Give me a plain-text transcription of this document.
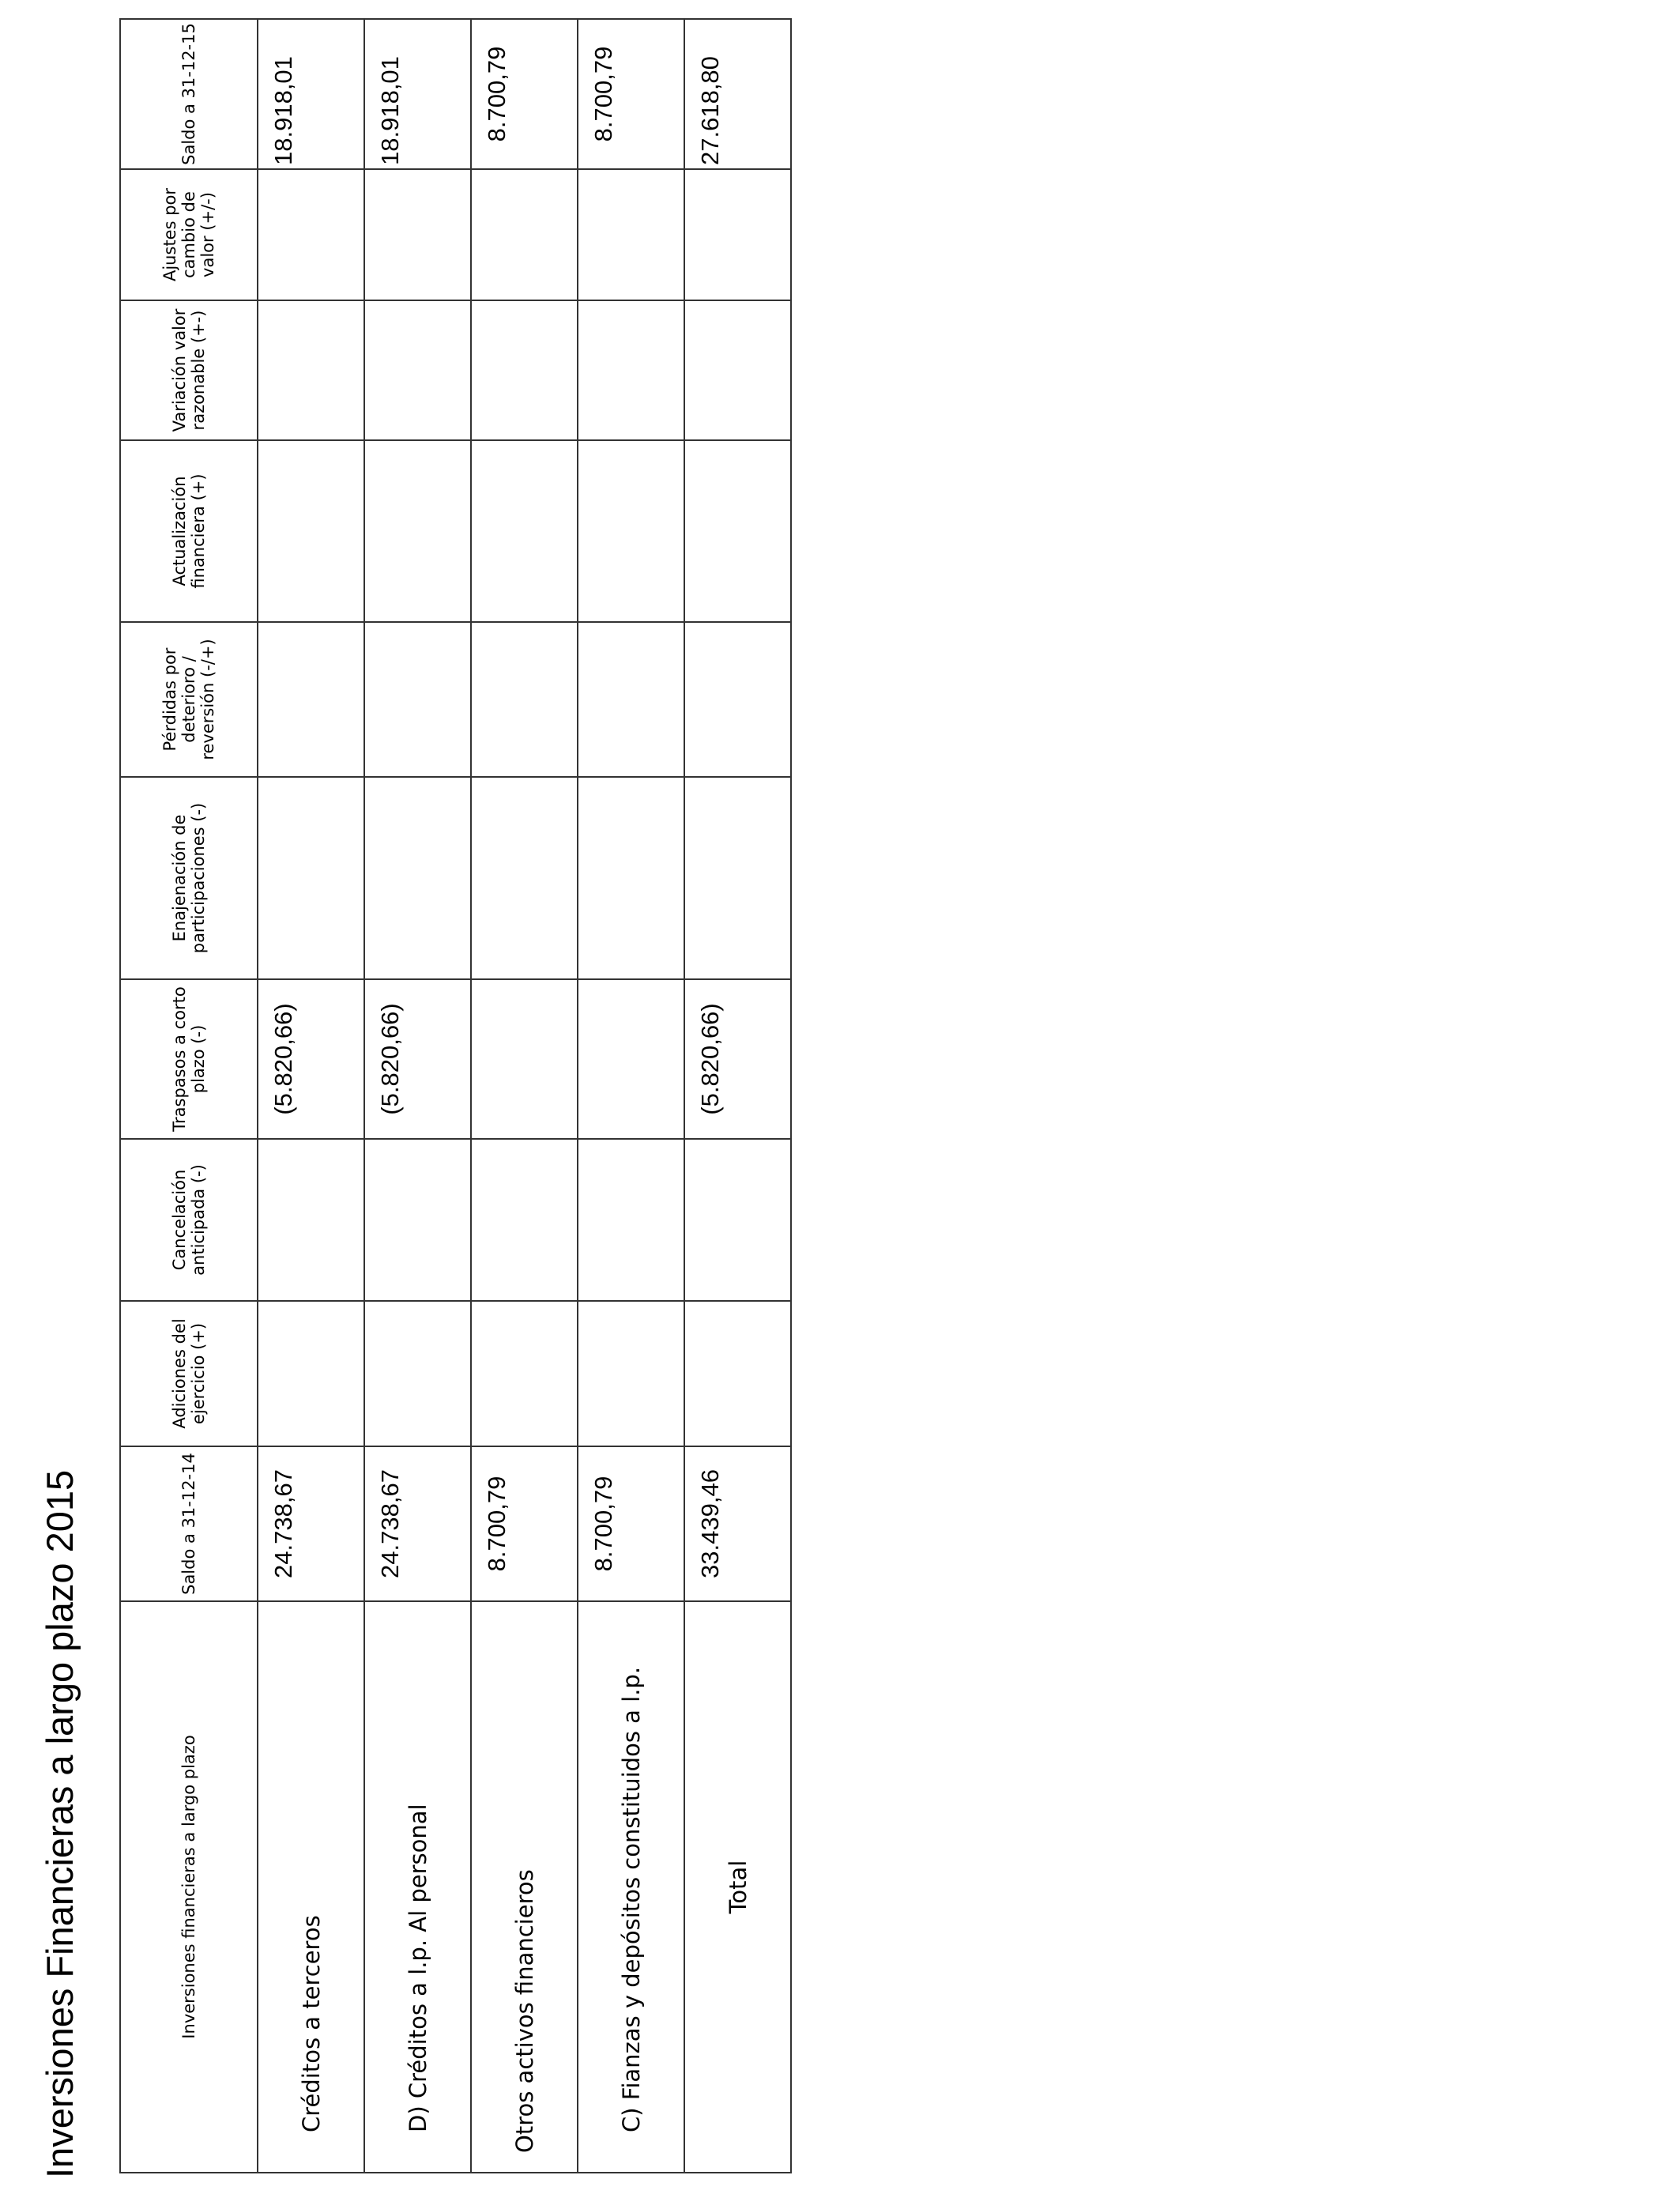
Inversiones Financieras a largo plazo 2015	Inversiones financieras a largo plazo	Saldo a 31-12-14	Adiciones del ejercicio (+)	Cancelación anticipada (-)	Traspasos a corto plazo (-)	Enajenación de participaciones (-)	Pérdidas por deterioro / reversión (-/+)	Actualización financiera (+)	Variación valor razonable (+-)	Ajustes por cambio de valor (+/-)	Saldo a 31-12-15
Créditos a terceros	24.738,67			(5.820,66)						18.918,01
D) Créditos a l.p. Al personal	24.738,67			(5.820,66)						18.918,01
Otros activos financieros	8.700,79									8.700,79
C) Fianzas y depósitos constituidos a l.p.	8.700,79									8.700,79
Total	33.439,46			(5.820,66)						27.618,80
